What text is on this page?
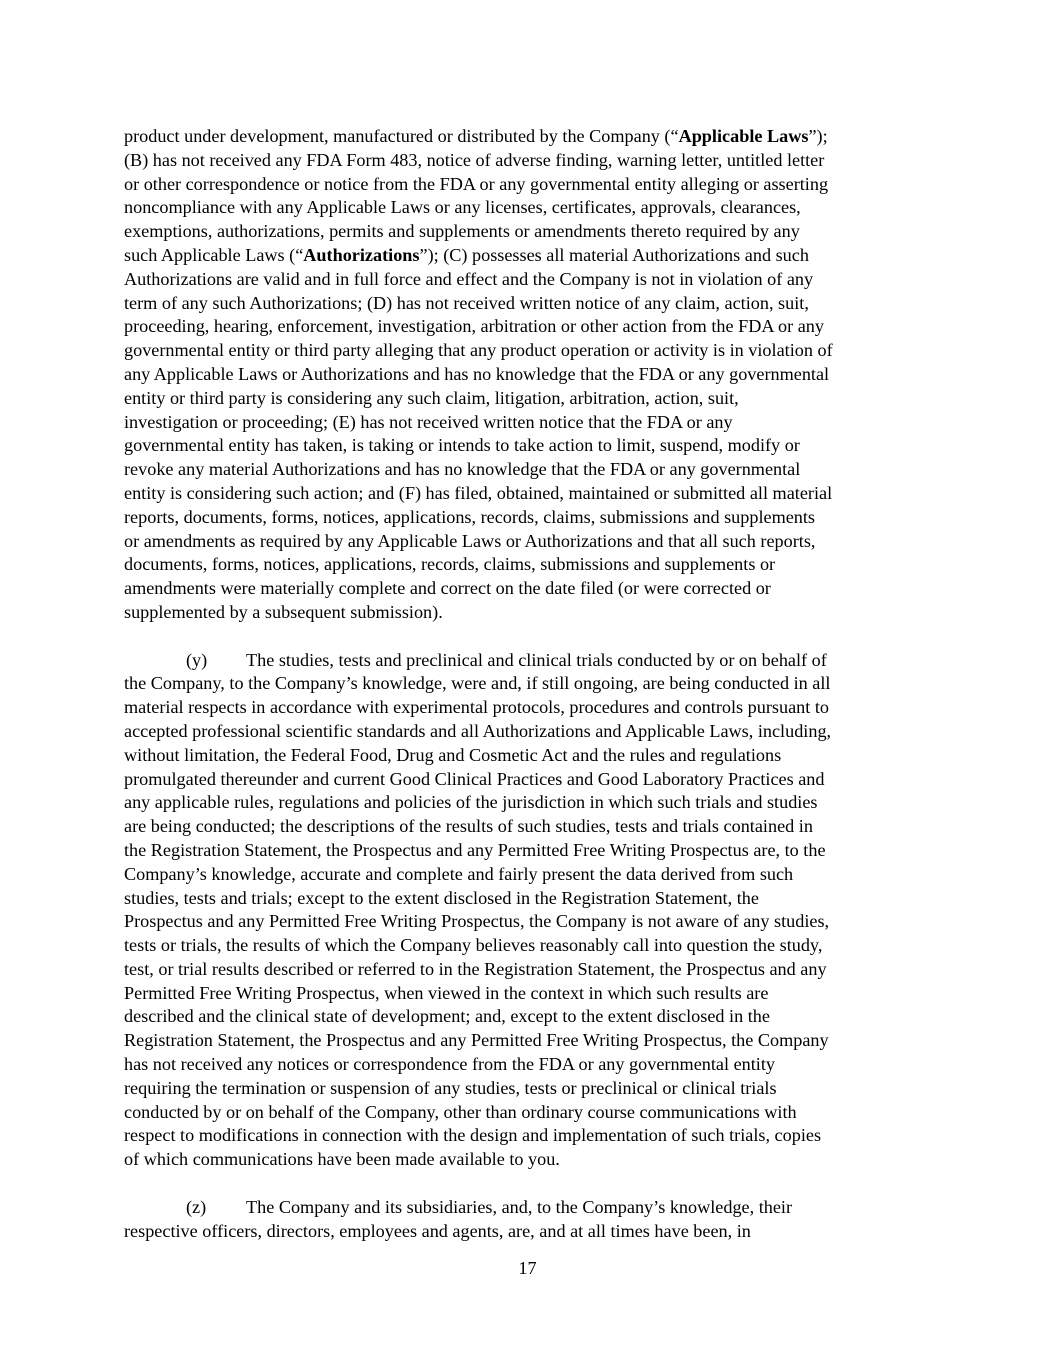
product under development, manufactured or distributed by the Company (“Applicable Laws”);
(B) has not received any FDA Form 483, notice of adverse finding, warning letter, untitled letter
or other correspondence or notice from the FDA or any governmental entity alleging or asserting
noncompliance with any Applicable Laws or any licenses, certificates, approvals, clearances,
exemptions, authorizations, permits and supplements or amendments thereto required by any
such Applicable Laws (“Authorizations”); (C) possesses all material Authorizations and such
Authorizations are valid and in full force and effect and the Company is not in violation of any
term of any such Authorizations; (D) has not received written notice of any claim, action, suit,
proceeding, hearing, enforcement, investigation, arbitration or other action from the FDA or any
governmental entity or third party alleging that any product operation or activity is in violation of
any Applicable Laws or Authorizations and has no knowledge that the FDA or any governmental
entity or third party is considering any such claim, litigation, arbitration, action, suit,
investigation or proceeding; (E) has not received written notice that the FDA or any
governmental entity has taken, is taking or intends to take action to limit, suspend, modify or
revoke any material Authorizations and has no knowledge that the FDA or any governmental
entity is considering such action; and (F) has filed, obtained, maintained or submitted all material
reports, documents, forms, notices, applications, records, claims, submissions and supplements
or amendments as required by any Applicable Laws or Authorizations and that all such reports,
documents, forms, notices, applications, records, claims, submissions and supplements or
amendments were materially complete and correct on the date filed (or were corrected or
supplemented by a subsequent submission).
(y) The studies, tests and preclinical and clinical trials conducted by or on behalf of
the Company, to the Company’s knowledge, were and, if still ongoing, are being conducted in all
material respects in accordance with experimental protocols, procedures and controls pursuant to
accepted professional scientific standards and all Authorizations and Applicable Laws, including,
without limitation, the Federal Food, Drug and Cosmetic Act and the rules and regulations
promulgated thereunder and current Good Clinical Practices and Good Laboratory Practices and
any applicable rules, regulations and policies of the jurisdiction in which such trials and studies
are being conducted; the descriptions of the results of such studies, tests and trials contained in
the Registration Statement, the Prospectus and any Permitted Free Writing Prospectus are, to the
Company’s knowledge, accurate and complete and fairly present the data derived from such
studies, tests and trials; except to the extent disclosed in the Registration Statement, the
Prospectus and any Permitted Free Writing Prospectus, the Company is not aware of any studies,
tests or trials, the results of which the Company believes reasonably call into question the study,
test, or trial results described or referred to in the Registration Statement, the Prospectus and any
Permitted Free Writing Prospectus, when viewed in the context in which such results are
described and the clinical state of development; and, except to the extent disclosed in the
Registration Statement, the Prospectus and any Permitted Free Writing Prospectus, the Company
has not received any notices or correspondence from the FDA or any governmental entity
requiring the termination or suspension of any studies, tests or preclinical or clinical trials
conducted by or on behalf of the Company, other than ordinary course communications with
respect to modifications in connection with the design and implementation of such trials, copies
of which communications have been made available to you.
(z) The Company and its subsidiaries, and, to the Company’s knowledge, their
respective officers, directors, employees and agents, are, and at all times have been, in
17
